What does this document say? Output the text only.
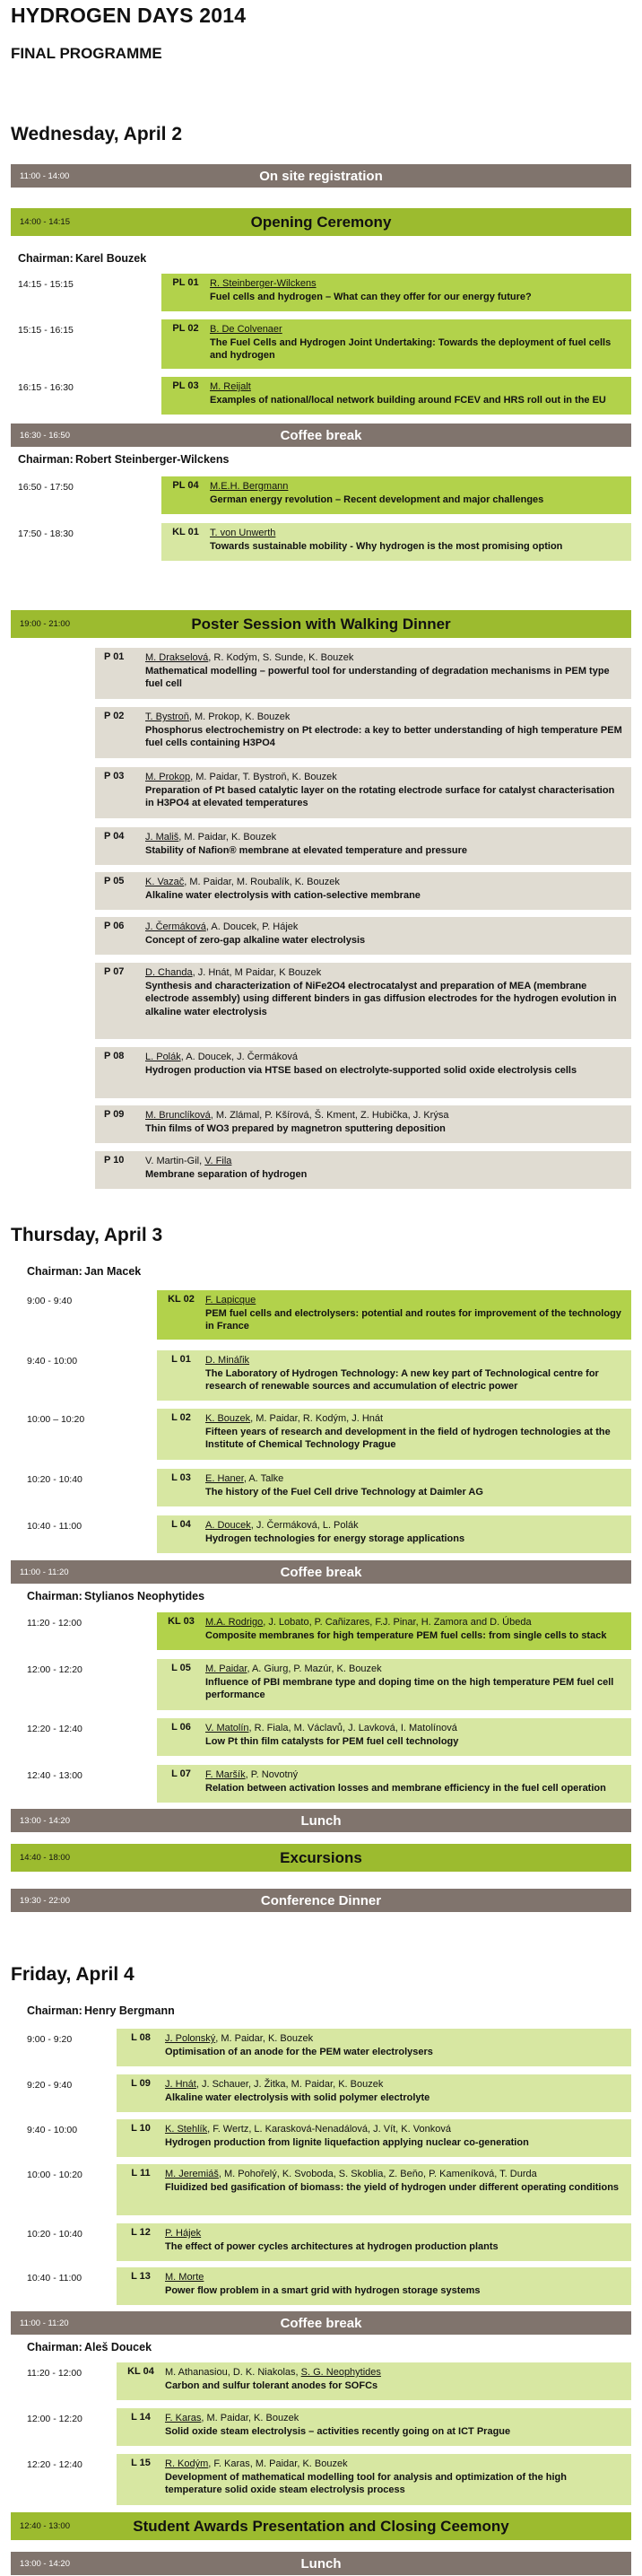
HYDROGEN DAYS 2014
FINAL PROGRAMME
Wednesday, April 2
11:00 - 14:00	On site registration
14:00 - 14:15	Opening Ceremony
Chairman: Karel Bouzek
14:15 - 15:15	PL 01	R. Steinberger-Wilckens
Fuel cells and hydrogen – What can they offer for our energy future?
15:15 - 16:15	PL 02	B. De Colvenaer
The Fuel Cells and Hydrogen Joint Undertaking: Towards the deployment of fuel cells and hydrogen
16:15 - 16:30	PL 03	M. Reijalt
Examples of national/local network building around FCEV and HRS roll out in the EU
16:30 - 16:50	Coffee break
Chairman: Robert Steinberger-Wilckens
16:50 - 17:50	PL 04	M.E.H. Bergmann
German energy revolution – Recent development and major challenges
17:50 - 18:30	KL 01	T. von Unwerth
Towards sustainable mobility - Why hydrogen is the most promising option
19:00 - 21:00	Poster Session with Walking Dinner
P 01	M. Drakselová, R. Kodým, S. Sunde, K. Bouzek
Mathematical modelling – powerful tool for understanding of degradation mechanisms in PEM type fuel cell
P 02	T. Bystroň, M. Prokop, K. Bouzek
Phosphorus electrochemistry on Pt electrode: a key to better understanding of high temperature PEM fuel cells containing H3PO4
P 03	M. Prokop, M. Paidar, T. Bystroň, K. Bouzek
Preparation of Pt based catalytic layer on the rotating electrode surface for catalyst characterisation in H3PO4 at elevated temperatures
P 04	J. Mališ, M. Paidar, K. Bouzek
Stability of Nafion® membrane at elevated temperature and pressure
P 05	K. Vazač, M. Paidar, M. Roubalík, K. Bouzek
Alkaline water electrolysis with cation-selective membrane
P 06	J. Čermáková, A. Doucek, P. Hájek
Concept of zero-gap alkaline water electrolysis
P 07	D. Chanda, J. Hnát, M Paidar, K Bouzek
Synthesis and characterization of NiFe2O4 electrocatalyst and preparation of MEA (membrane electrode assembly) using different binders in gas diffusion electrodes for the hydrogen evolution in alkaline water electrolysis
P 08	L. Polák, A. Doucek, J. Čermáková
Hydrogen production via HTSE based on electrolyte-supported solid oxide electrolysis cells
P 09	M. Brunclíková, M. Zlámal, P. Kšírová, Š. Kment, Z. Hubička, J. Krýsa
Thin films of WO3 prepared by magnetron sputtering deposition
P 10	V. Martin-Gil, V. Fila
Membrane separation of hydrogen
Thursday, April 3
Chairman: Jan Macek
9:00 - 9:40	KL 02	F. Lapicque
PEM fuel cells and electrolysers: potential and routes for improvement of the technology in France
9:40 - 10:00	L 01	D. Mináľik
The Laboratory of Hydrogen Technology: A new key part of Technological centre for research of renewable sources and accumulation of electric power
10:00 – 10:20	L 02	K. Bouzek, M. Paidar, R. Kodým, J. Hnát
Fifteen years of research and development in the field of hydrogen technologies at the Institute of Chemical Technology Prague
10:20 - 10:40	L 03	E. Haner, A. Talke
The history of the Fuel Cell drive Technology at Daimler AG
10:40 - 11:00	L 04	A. Doucek, J. Čermáková, L. Polák
Hydrogen technologies for energy storage applications
11:00 - 11:20	Coffee break
Chairman: Stylianos Neophytides
11:20 - 12:00	KL 03	M.A. Rodrigo, J. Lobato, P. Cañizares, F.J. Pinar, H. Zamora and D. Úbeda
Composite membranes for high temperature PEM fuel cells: from single cells to stack
12:00 - 12:20	L 05	M. Paidar, A. Giurg, P. Mazúr, K. Bouzek
Influence of PBI membrane type and doping time on the high temperature PEM fuel cell performance
12:20 - 12:40	L 06	V. Matolín, R. Fiala, M. Václavů, J. Lavková, I. Matolínová
Low Pt thin film catalysts for PEM fuel cell technology
12:40 - 13:00	L 07	F. Maršík, P. Novotný
Relation between activation losses and membrane efficiency in the fuel cell operation
13:00 - 14:20	Lunch
14:40 - 18:00	Excursions
19:30 - 22:00	Conference Dinner
Friday, April 4
Chairman: Henry Bergmann
9:00 - 9:20	L 08	J. Polonský, M. Paidar, K. Bouzek
Optimisation of an anode for the PEM water electrolysers
9:20 - 9:40	L 09	J. Hnát, J. Schauer, J. Žitka, M. Paidar, K. Bouzek
Alkaline water electrolysis with solid polymer electrolyte
9:40 - 10:00	L 10	K. Stehlík, F. Wertz, L. Karasková-Nenadálová, J. Vít, K. Vonková
Hydrogen production from lignite liquefaction applying nuclear co-generation
10:00 - 10:20	L 11	M. Jeremiáš, M. Pohořelý, K. Svoboda, S. Skoblia, Z. Beňo, P. Kameníková, T. Durda
Fluidized bed gasification of biomass: the yield of hydrogen under different operating conditions
10:20 - 10:40	L 12	P. Hájek
The effect of power cycles architectures at hydrogen production plants
10:40 - 11:00	L 13	M. Morte
Power flow problem in a smart grid with hydrogen storage systems
11:00 - 11:20	Coffee break
Chairman: Aleš Doucek
11:20 - 12:00	KL 04	M. Athanasiou, D. K. Niakolas, S. G. Neophytides
Carbon and sulfur tolerant anodes for SOFCs
12:00 - 12:20	L 14	F. Karas, M. Paidar, K. Bouzek
Solid oxide steam electrolysis – activities recently going on at ICT Prague
12:20 - 12:40	L 15	R. Kodým, F. Karas, M. Paidar, K. Bouzek
Development of mathematical modelling tool for analysis and optimization of the high temperature solid oxide steam electrolysis process
12:40 - 13:00	Student Awards Presentation and Closing Ceemony
13:00 - 14:20	Lunch
